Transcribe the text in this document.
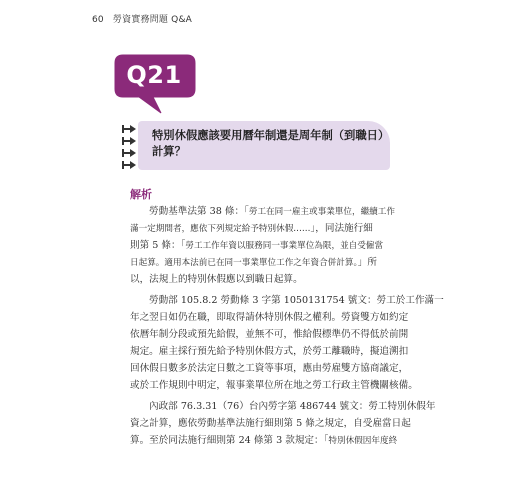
60 勞資實務問題 Q&A
Q21
特別休假應該要用曆年制還是周年制（到職日）
計算？
解析
勞動基準法第 38 條：「勞工在同一雇主或事業單位，繼續工作
滿一定期間者，應依下列規定給予特別休假……」，同法施行細
則第 5 條：「勞工工作年資以服務同一事業單位為限，並自受僱當
日起算。適用本法前已在同一事業單位工作之年資合併計算。」所
以，法規上的特別休假應以到職日起算。
勞動部 105.8.2 勞動條 3 字第 1050131754 號文：勞工於工作滿一
年之翌日如仍在職，即取得請休特別休假之權利。勞資雙方如約定
依曆年制分段或預先給假，並無不可，惟給假標準仍不得低於前開
規定。雇主採行預先給予特別休假方式，於勞工離職時，擬追溯扣
回休假日數多於法定日數之工資等事項，應由勞雇雙方協商議定，
或於工作規則中明定，報事業單位所在地之勞工行政主管機關核備。
內政部 76.3.31（76）台內勞字第 486744 號文：勞工特別休假年
資之計算，應依勞動基準法施行細則第 5 條之規定，自受雇當日起
算。至於同法施行細則第 24 條第 3 款規定：「特別休假因年度終
